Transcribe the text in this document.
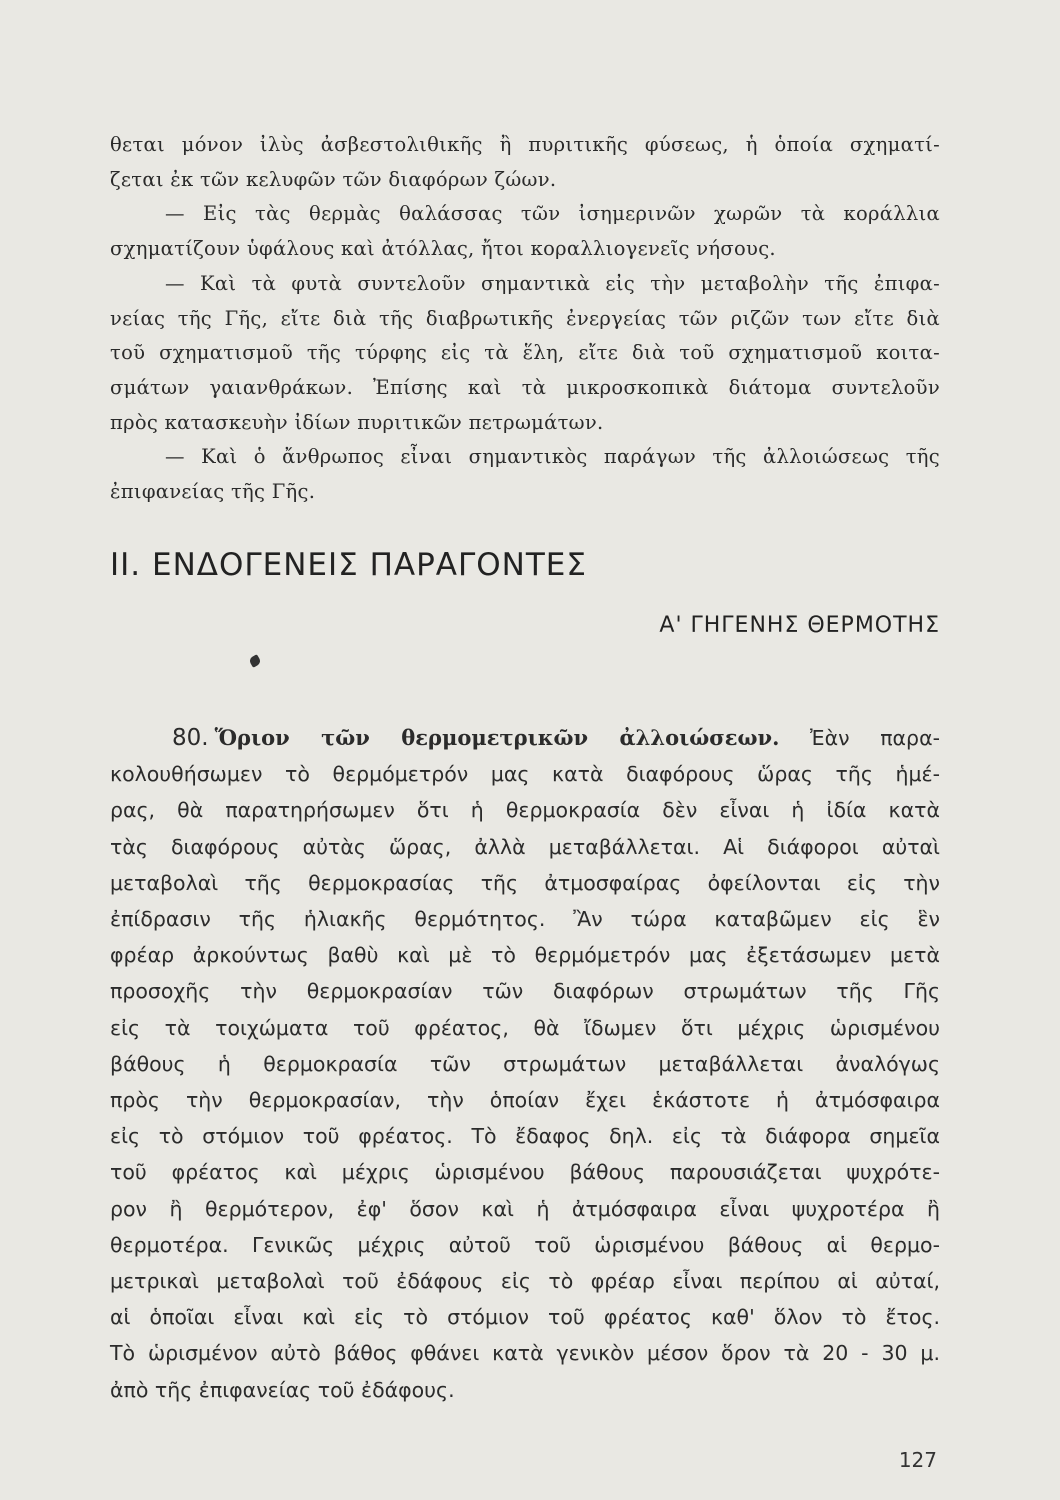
θεται μόνον ἰλὺς ἀσβεστολιθικῆς ἢ πυριτικῆς φύσεως, ἡ ὁποία σχηματί-

ζεται ἐκ τῶν κελυφῶν τῶν διαφόρων ζώων.

— Εἰς τὰς θερμὰς θαλάσσας τῶν ἰσημερινῶν χωρῶν τὰ κοράλλια

σχηματίζουν ὑφάλους καὶ ἀτόλλας, ἤτοι κοραλλιογενεῖς νήσους.

— Καὶ τὰ φυτὰ συντελοῦν σημαντικὰ εἰς τὴν μεταβολὴν τῆς ἐπιφα-

νείας τῆς Γῆς, εἴτε διὰ τῆς διαβρωτικῆς ἐνεργείας τῶν ριζῶν των εἴτε διὰ

τοῦ σχηματισμοῦ τῆς τύρφης εἰς τὰ ἕλη, εἴτε διὰ τοῦ σχηματισμοῦ κοιτα-

σμάτων γαιανθράκων. Ἐπίσης καὶ τὰ μικροσκοπικὰ διάτομα συντελοῦν

πρὸς κατασκευὴν ἰδίων πυριτικῶν πετρωμάτων.

— Καὶ ὁ ἄνθρωπος εἶναι σημαντικὸς παράγων τῆς ἀλλοιώσεως τῆς

ἐπιφανείας τῆς Γῆς.

II. ΕΝΔΟΓΕΝΕΙΣ ΠΑΡΑΓΟΝΤΕΣ
Α' ΓΗΓΕΝΗΣ ΘΕΡΜΟΤΗΣ

80. Ὅριον τῶν θερμομετρικῶν ἀλλοιώσεων. Ἐὰν παρα-

κολουθήσωμεν τὸ θερμόμετρόν μας κατὰ διαφόρους ὥρας τῆς ἡμέ-

ρας, θὰ παρατηρήσωμεν ὅτι ἡ θερμοκρασία δὲν εἶναι ἡ ἰδία κατὰ

τὰς διαφόρους αὐτὰς ὥρας, ἀλλὰ μεταβάλλεται. Αἱ διάφοροι αὐταὶ

μεταβολαὶ τῆς θερμοκρασίας τῆς ἀτμοσφαίρας ὀφείλονται εἰς τὴν

ἐπίδρασιν τῆς ἡλιακῆς θερμότητος. Ἂν τώρα καταβῶμεν εἰς ἓν

φρέαρ ἀρκούντως βαθὺ καὶ μὲ τὸ θερμόμετρόν μας ἐξετάσωμεν μετὰ

προσοχῆς τὴν θερμοκρασίαν τῶν διαφόρων στρωμάτων τῆς Γῆς

εἰς τὰ τοιχώματα τοῦ φρέατος, θὰ ἴδωμεν ὅτι μέχρις ὡρισμένου

βάθους ἡ θερμοκρασία τῶν στρωμάτων μεταβάλλεται ἀναλόγως

πρὸς τὴν θερμοκρασίαν, τὴν ὁποίαν ἔχει ἑκάστοτε ἡ ἀτμόσφαιρα

εἰς τὸ στόμιον τοῦ φρέατος. Τὸ ἔδαφος δηλ. εἰς τὰ διάφορα σημεῖα

τοῦ φρέατος καὶ μέχρις ὡρισμένου βάθους παρουσιάζεται ψυχρότε-

ρον ἢ θερμότερον, ἐφ' ὅσον καὶ ἡ ἀτμόσφαιρα εἶναι ψυχροτέρα ἢ

θερμοτέρα. Γενικῶς μέχρις αὐτοῦ τοῦ ὡρισμένου βάθους αἱ θερμο-

μετρικαὶ μεταβολαὶ τοῦ ἐδάφους εἰς τὸ φρέαρ εἶναι περίπου αἱ αὐταί,

αἱ ὁποῖαι εἶναι καὶ εἰς τὸ στόμιον τοῦ φρέατος καθ' ὅλον τὸ ἔτος.

Τὸ ὡρισμένον αὐτὸ βάθος φθάνει κατὰ γενικὸν μέσον ὅρον τὰ 20 - 30 μ.

ἀπὸ τῆς ἐπιφανείας τοῦ ἐδάφους.

127
